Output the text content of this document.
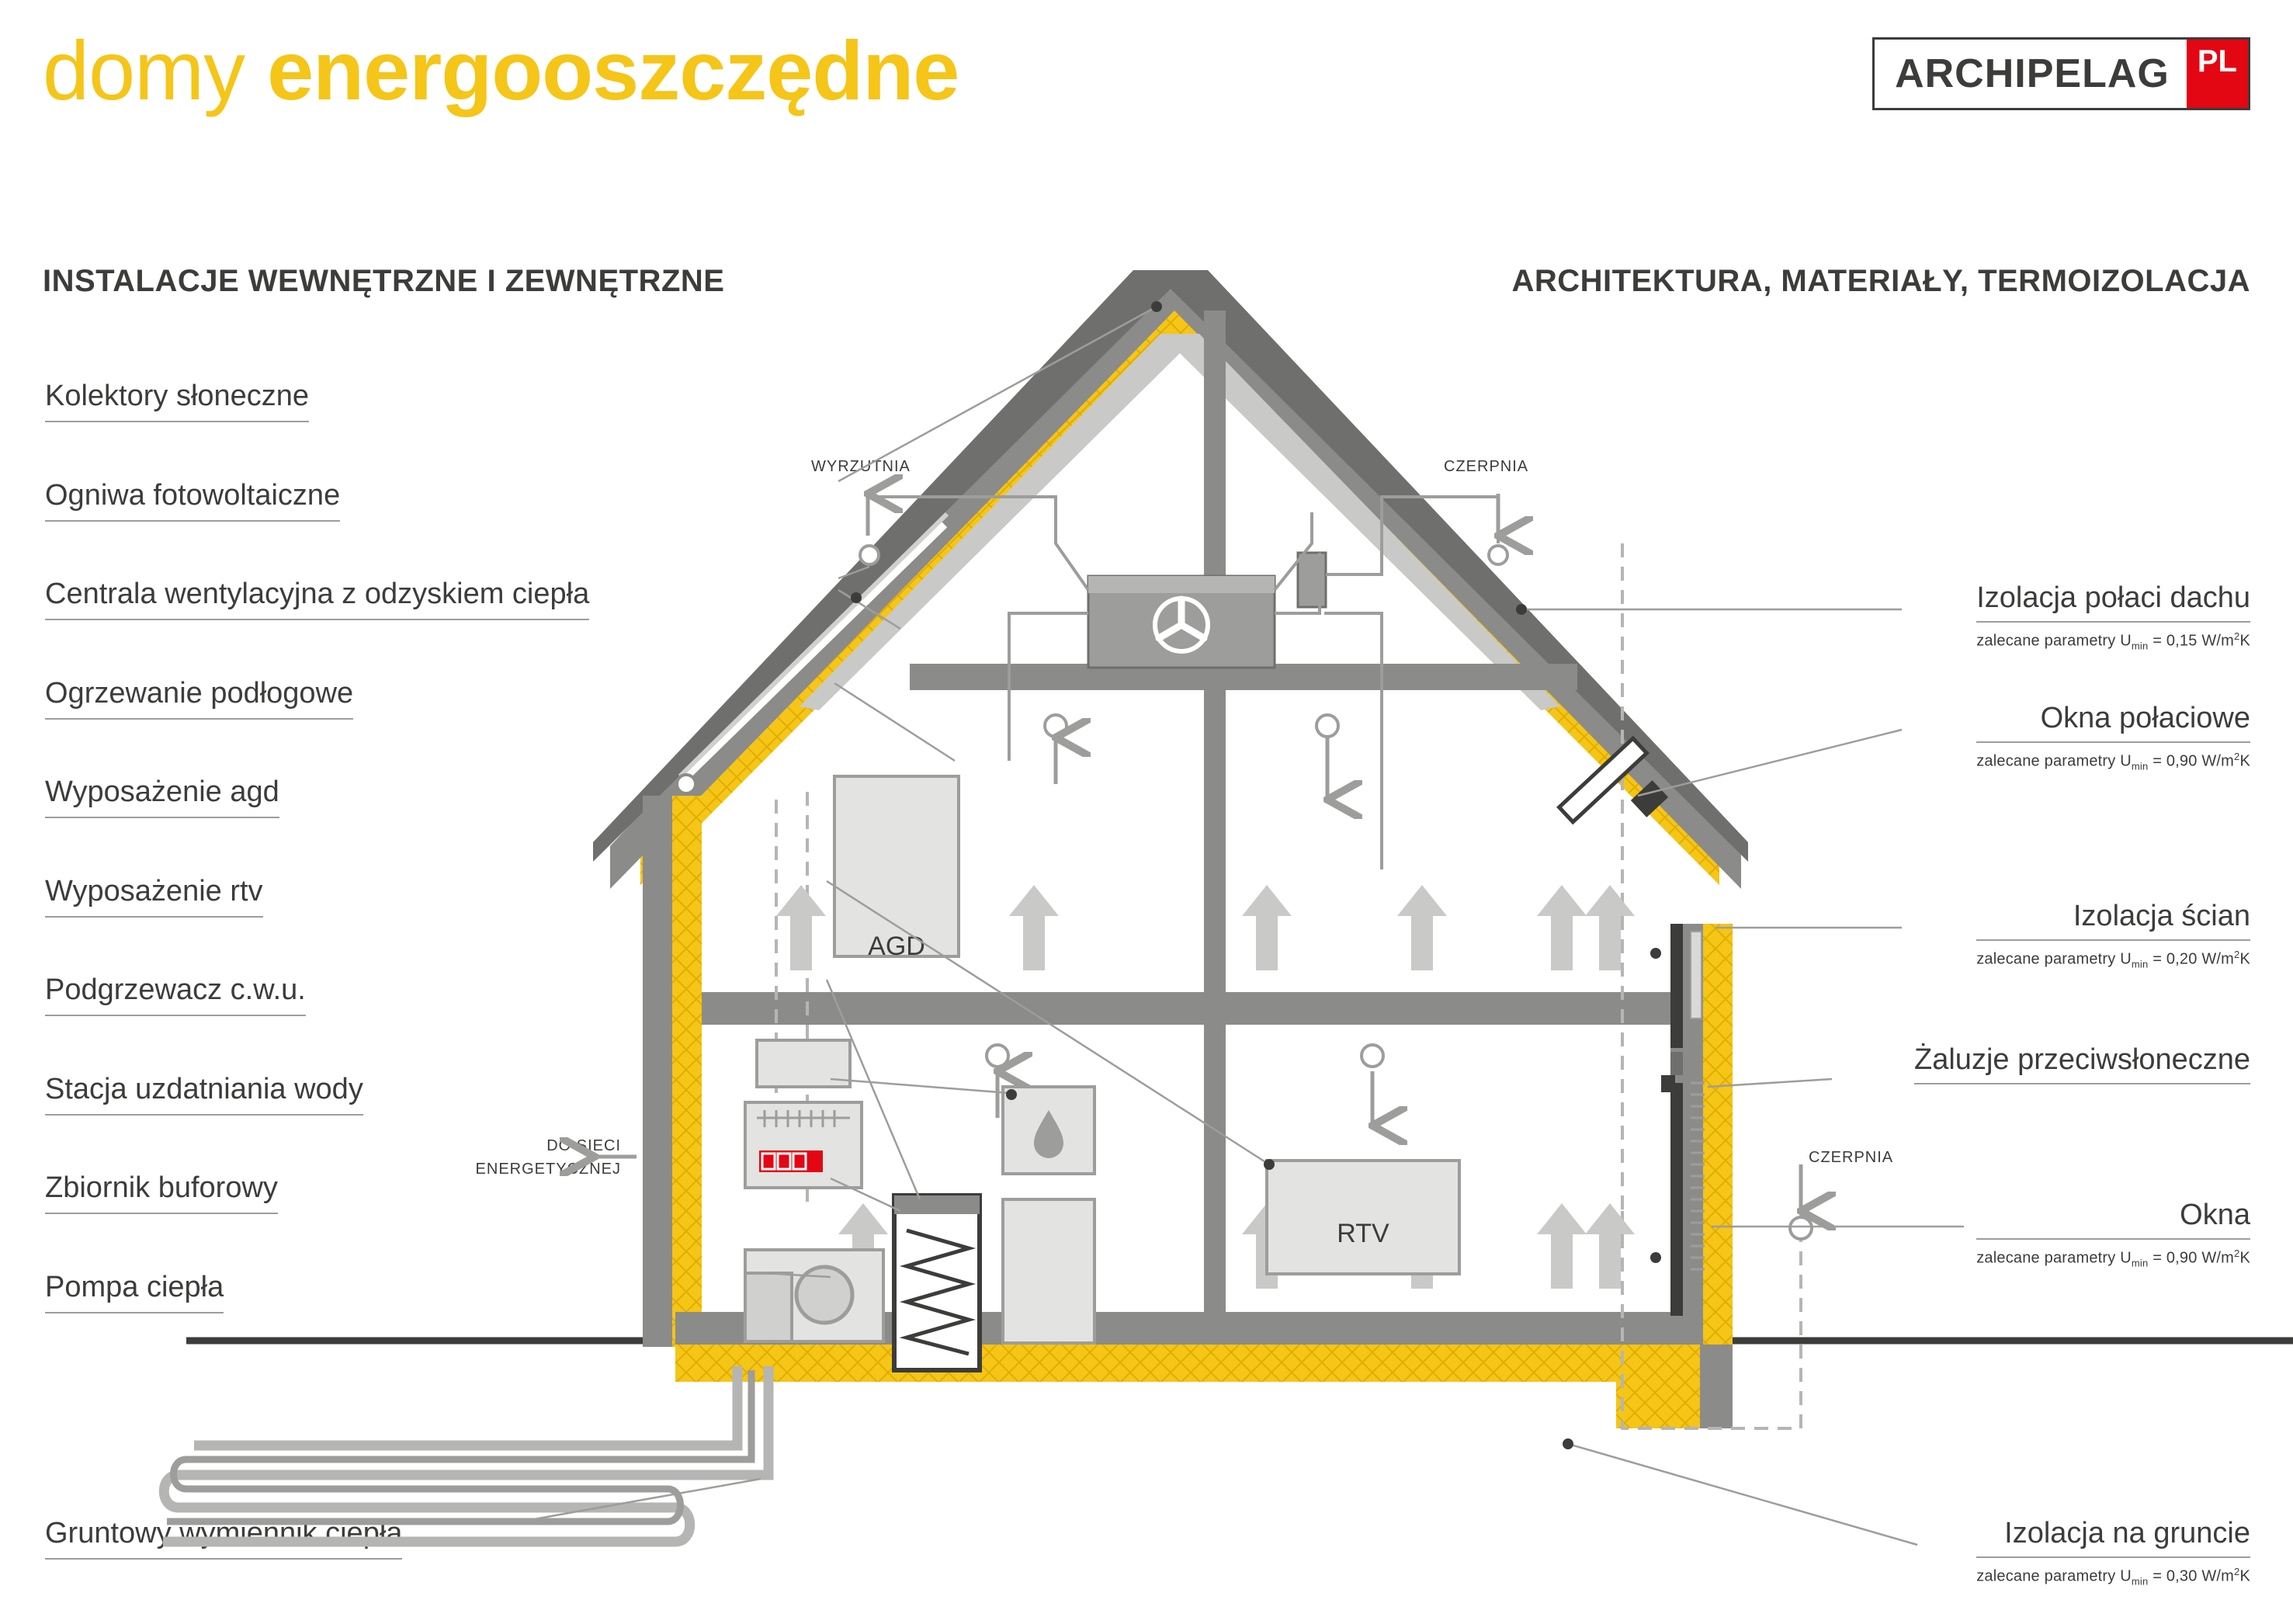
domy energooszczędne	ARCHIPELAG PL
INSTALACJE WEWNĘTRZNE I ZEWNĘTRZNE	ARCHITEKTURA, MATERIAŁY, TERMOIZOLACJA
Kolektory słoneczne
Ogniwa fotowoltaiczne
Centrala wentylacyjna z odzyskiem ciepła
Ogrzewanie podłogowe
Wyposażenie agd
Wyposażenie rtv
Podgrzewacz c.w.u.
Stacja uzdatniania wody
Zbiornik buforowy
Pompa ciepła
Gruntowy wymiennik ciepła
Izolacja połaci dachu
zalecane parametry $U_{min} = 0,15$ $W/m^2K$
Okna połaciowe
zalecane parametry $U_{min} = 0,90$ $W/m^2K$
Izolacja ścian
zalecane parametry $U_{min} = 0,20$ $W/m^2K$
Żaluzje przeciwsłoneczne
Okna
zalecane parametry $U_{min} = 0,90$ $W/m^2K$
Izolacja na gruncie
zalecane parametry $U_{min} = 0,30$ $W/m^2K$
WYRZUTNIA	CZERPNIA
CZERPNIA
DO SIECI
ENERGETYCZNEJ
AGD
RTV
